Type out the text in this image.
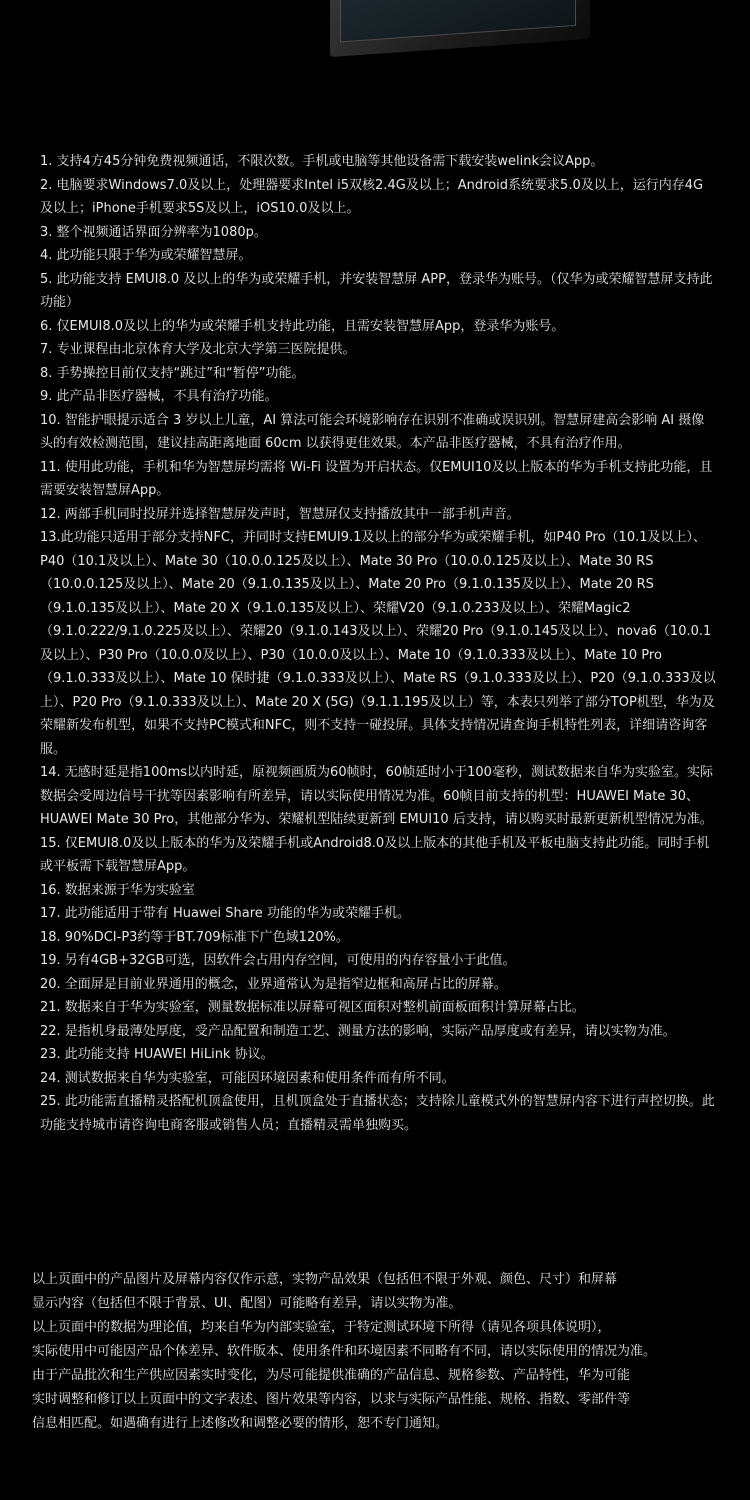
1. 支持4方45分钟免费视频通话，不限次数。手机或电脑等其他设备需下载安装welink会议App。

2. 电脑要求Windows7.0及以上，处理器要求Intel i5双核2.4G及以上；Android系统要求5.0及以上，运行内存4G及以上；iPhone手机要求5S及以上，iOS10.0及以上。

3. 整个视频通话界面分辨率为1080p。

4. 此功能只限于华为或荣耀智慧屏。

5. 此功能支持 EMUI8.0 及以上的华为或荣耀手机，并安装智慧屏 APP，登录华为账号。（仅华为或荣耀智慧屏支持此功能）

6. 仅EMUI8.0及以上的华为或荣耀手机支持此功能，且需安装智慧屏App，登录华为账号。

7. 专业课程由北京体育大学及北京大学第三医院提供。

8. 手势操控目前仅支持“跳过”和“暂停”功能。

9. 此产品非医疗器械，不具有治疗功能。

10. 智能护眼提示适合 3 岁以上儿童，AI 算法可能会环境影响存在识别不准确或误识别。智慧屏建高会影响 AI 摄像头的有效检测范围，建议挂高距离地面 60cm 以获得更佳效果。本产品非医疗器械，不具有治疗作用。

11. 使用此功能，手机和华为智慧屏均需将 Wi-Fi 设置为开启状态。仅EMUI10及以上版本的华为手机支持此功能，且需要安装智慧屏App。

12. 两部手机同时投屏并选择智慧屏发声时，智慧屏仅支持播放其中一部手机声音。

13.此功能只适用于部分支持NFC，并同时支持EMUI9.1及以上的部分华为或荣耀手机，如P40 Pro（10.1及以上）、P40（10.1及以上）、Mate 30（10.0.0.125及以上）、Mate 30 Pro（10.0.0.125及以上）、Mate 30 RS（10.0.0.125及以上）、Mate 20（9.1.0.135及以上）、Mate 20 Pro（9.1.0.135及以上）、Mate 20 RS（9.1.0.135及以上）、Mate 20 X（9.1.0.135及以上）、荣耀V20（9.1.0.233及以上）、荣耀Magic2（9.1.0.222/9.1.0.225及以上）、荣耀20（9.1.0.143及以上）、荣耀20 Pro（9.1.0.145及以上）、nova6（10.0.1及以上）、P30 Pro（10.0.0及以上）、P30（10.0.0及以上）、Mate 10（9.1.0.333及以上）、Mate 10 Pro（9.1.0.333及以上）、Mate 10 保时捷（9.1.0.333及以上）、Mate RS（9.1.0.333及以上）、P20（9.1.0.333及以上）、P20 Pro（9.1.0.333及以上）、Mate 20 X (5G)（9.1.1.195及以上）等，本表只列举了部分TOP机型，华为及荣耀新发布机型，如果不支持PC模式和NFC，则不支持一碰投屏。具体支持情况请查询手机特性列表，详细请咨询客服。

14. 无感时延是指100ms以内时延，原视频画质为60帧时，60帧延时小于100毫秒，测试数据来自华为实验室。实际数据会受周边信号干扰等因素影响有所差异，请以实际使用情况为准。60帧目前支持的机型：HUAWEI Mate 30、HUAWEI Mate 30 Pro，其他部分华为、荣耀机型陆续更新到 EMUI10 后支持，请以购买时最新更新机型情况为准。

15. 仅EMUI8.0及以上版本的华为及荣耀手机或Android8.0及以上版本的其他手机及平板电脑支持此功能。同时手机或平板需下载智慧屏App。

16. 数据来源于华为实验室

17. 此功能适用于带有 Huawei Share 功能的华为或荣耀手机。

18. 90%DCI-P3约等于BT.709标准下广色域120%。

19. 另有4GB+32GB可选，因软件会占用内存空间，可使用的内存容量小于此值。

20. 全面屏是目前业界通用的概念，业界通常认为是指窄边框和高屏占比的屏幕。

21. 数据来自于华为实验室，测量数据标准以屏幕可视区面积对整机前面板面积计算屏幕占比。

22. 是指机身最薄处厚度，受产品配置和制造工艺、测量方法的影响，实际产品厚度或有差异，请以实物为准。

23. 此功能支持 HUAWEI HiLink 协议。

24. 测试数据来自华为实验室，可能因环境因素和使用条件而有所不同。

25. 此功能需直播精灵搭配机顶盒使用，且机顶盒处于直播状态；支持除儿童模式外的智慧屏内容下进行声控切换。此功能支持城市请咨询电商客服或销售人员；直播精灵需单独购买。

以上页面中的产品图片及屏幕内容仅作示意，实物产品效果（包括但不限于外观、颜色、尺寸）和屏幕
显示内容（包括但不限于背景、UI、配图）可能略有差异，请以实物为准。
以上页面中的数据为理论值，均来自华为内部实验室，于特定测试环境下所得（请见各项具体说明），
实际使用中可能因产品个体差异、软件版本、使用条件和环境因素不同略有不同，请以实际使用的情况为准。
由于产品批次和生产供应因素实时变化，为尽可能提供准确的产品信息、规格参数、产品特性，华为可能
实时调整和修订以上页面中的文字表述、图片效果等内容，以求与实际产品性能、规格、指数、零部件等
信息相匹配。如遇确有进行上述修改和调整必要的情形，恕不专门通知。
